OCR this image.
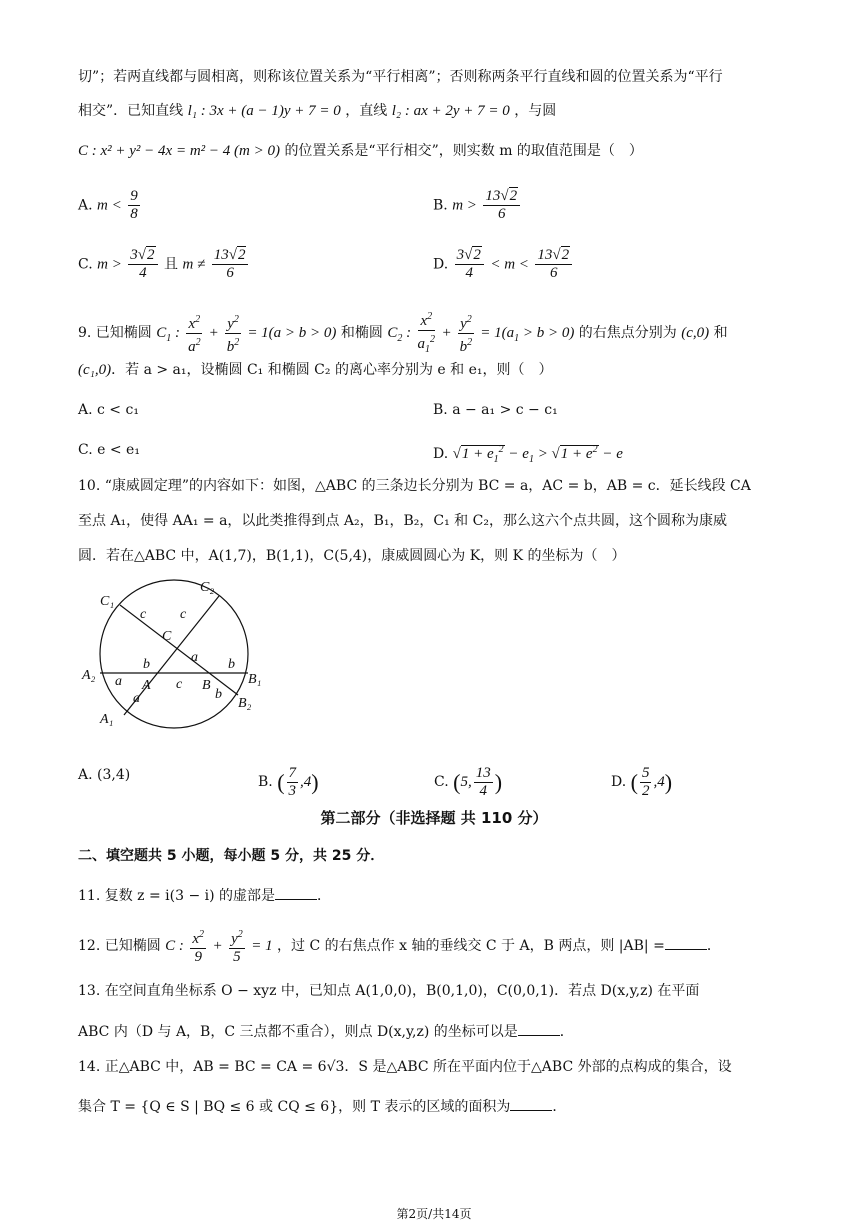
切”；若两直线都与圆相离，则称该位置关系为“平行相离”；否则称两条平行直线和圆的位置关系为“平行
相交”．已知直线 l₁ : 3x + (a − 1)y + 7 = 0 ，直线 l₂ : ax + 2y + 7 = 0 ，与圆
C : x² + y² − 4x = m² − 4 (m > 0) 的位置关系是“平行相交”，则实数 m 的取值范围是（　）
A. $m < \frac{9}{8}$	B. $m > \frac{13√2}{6}$
C. $m > \frac{3√2}{4}$ 且 $m \ne \frac{13√2}{6}$	D. $\frac{3√2}{4} < m < \frac{13√2}{6}$
9. 已知椭圆 $C_1$ : $\frac{x^2}{a^2} + \frac{y^2}{b^2} = 1(a > b > 0)$ 和椭圆 $C_2$ : $\frac{x^2}{a_1^2} + \frac{y^2}{b^2} = 1(a_1 > b > 0)$ 的右焦点分别为 (c,0) 和
(c₁,0)．若 a > a₁，设椭圆 C₁ 和椭圆 C₂ 的离心率分别为 e 和 e₁，则（　）
A. c < c₁	B. a − a₁ > c − c₁
C. e < e₁	D. $√1 + e_1^2 - e_1 > √1 + e^2 - e$
10. “康威圆定理”的内容如下：如图，△ABC 的三条边长分别为 BC = a，AC = b，AB = c．延长线段 CA
至点 A₁，使得 AA₁ = a，以此类推得到点 A₂，B₁，B₂，C₁ 和 C₂，那么这六个点共圆，这个圆称为康威
圆．若在△ABC 中，A(1,7)，B(1,1)，C(5,4)，康威圆圆心为 K，则 K 的坐标为（　）
C₁
C₂
C
A₂
A	B	B₁
B₂
A₁
c c
a
b	b
a	c
a	b
A. (3,4)	B. ( $\frac{7}{3} ,4$)	C. (5, $\frac{13}{4}$ )	D. ( $\frac{5}{2} ,4$)
第二部分（非选择题 共 110 分）
二、填空题共 5 小题，每小题 5 分，共 25 分．
11. 复数 z = i(3 − i) 的虚部是	．
12. 已知椭圆 C : $\frac{x^2}{9} + \frac{y^2}{5} = 1$ ，过 C 的右焦点作 x 轴的垂线交 C 于 A，B 两点，则 |AB| =	．
13. 在空间直角坐标系 O − xyz 中，已知点 A(1,0,0)，B(0,1,0)，C(0,0,1)．若点 D(x,y,z) 在平面
ABC 内（D 与 A，B，C 三点都不重合），则点 D(x,y,z) 的坐标可以是	．
14. 正△ABC 中，AB = BC = CA = 6√3．S 是△ABC 所在平面内位于△ABC 外部的点构成的集合，设
集合 T = {Q ∈ S | BQ ≤ 6 或 CQ ≤ 6}，则 T 表示的区域的面积为	．
第2页/共14页
